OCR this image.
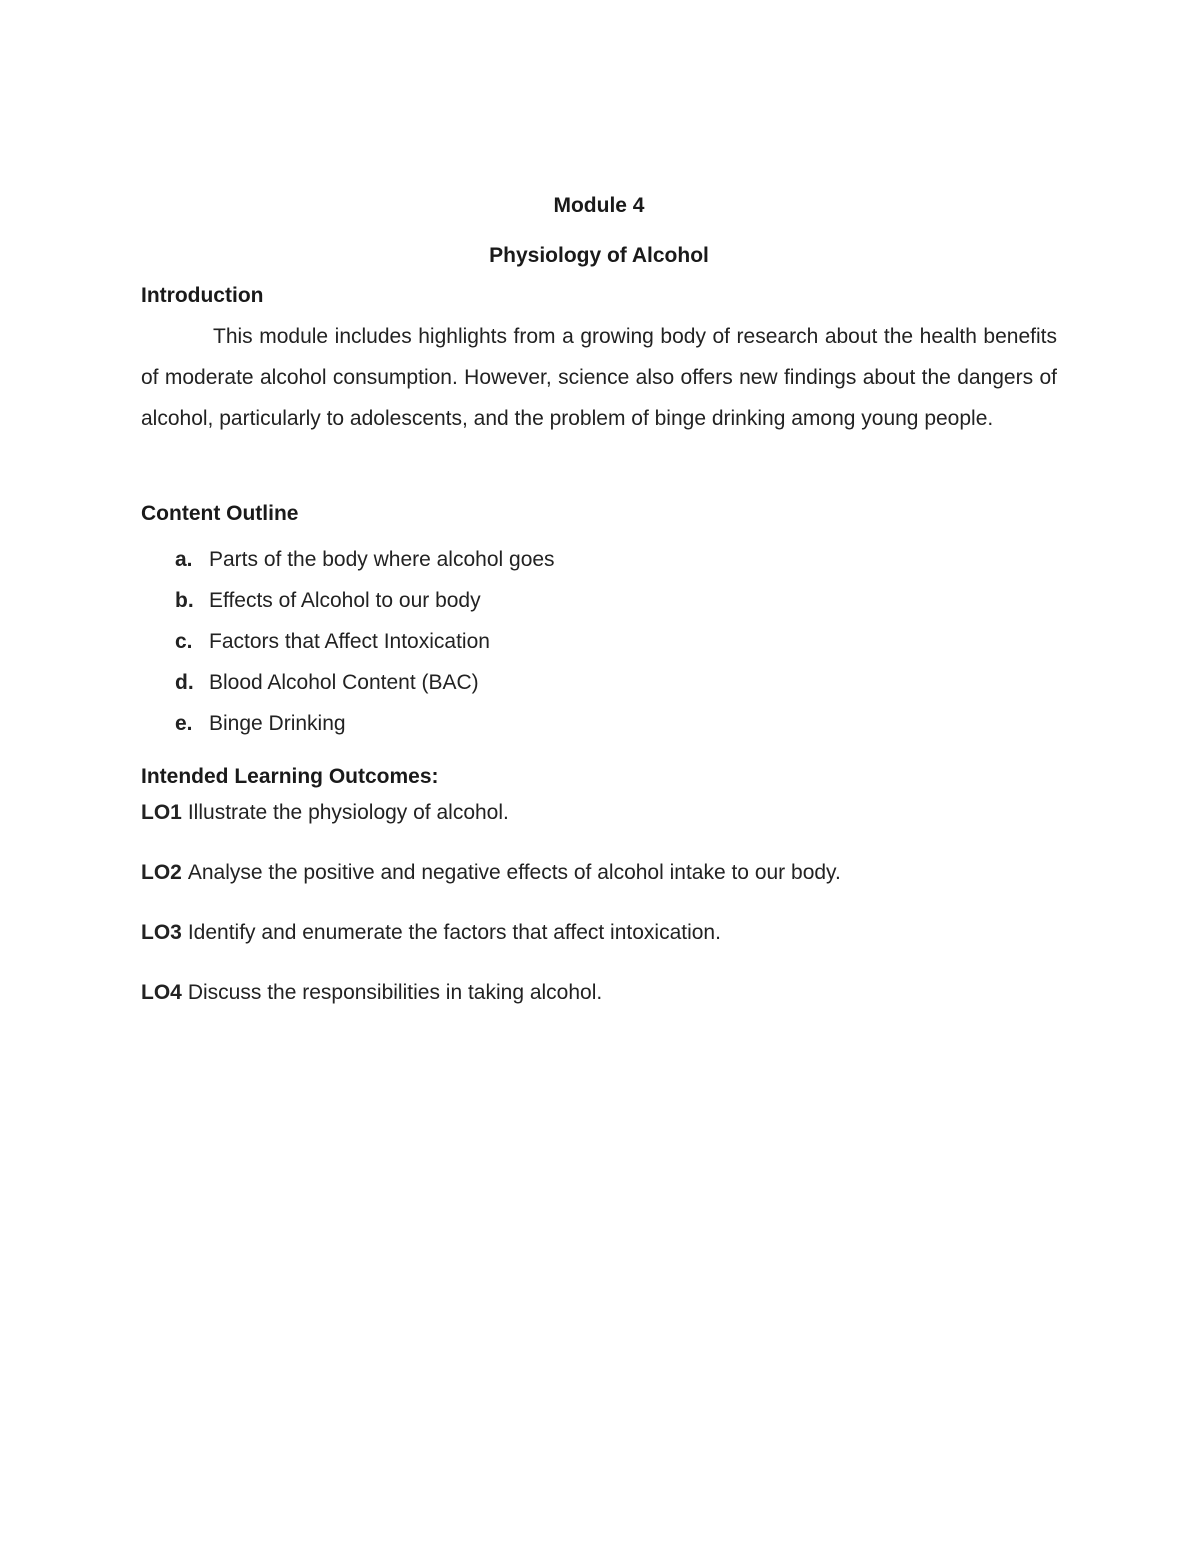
Module 4
Physiology of Alcohol
Introduction

This module includes highlights from a growing body of research about the health benefits of moderate alcohol consumption. However, science also offers new findings about the dangers of alcohol, particularly to adolescents, and the problem of binge drinking among young people.

Content Outline
a. Parts of the body where alcohol goes
b. Effects of Alcohol to our body
c. Factors that Affect Intoxication
d. Blood Alcohol Content (BAC)
e. Binge Drinking
Intended Learning Outcomes:
LO1 Illustrate the physiology of alcohol.
LO2 Analyse the positive and negative effects of alcohol intake to our body.
LO3 Identify and enumerate the factors that affect intoxication.
LO4 Discuss the responsibilities in taking alcohol.
